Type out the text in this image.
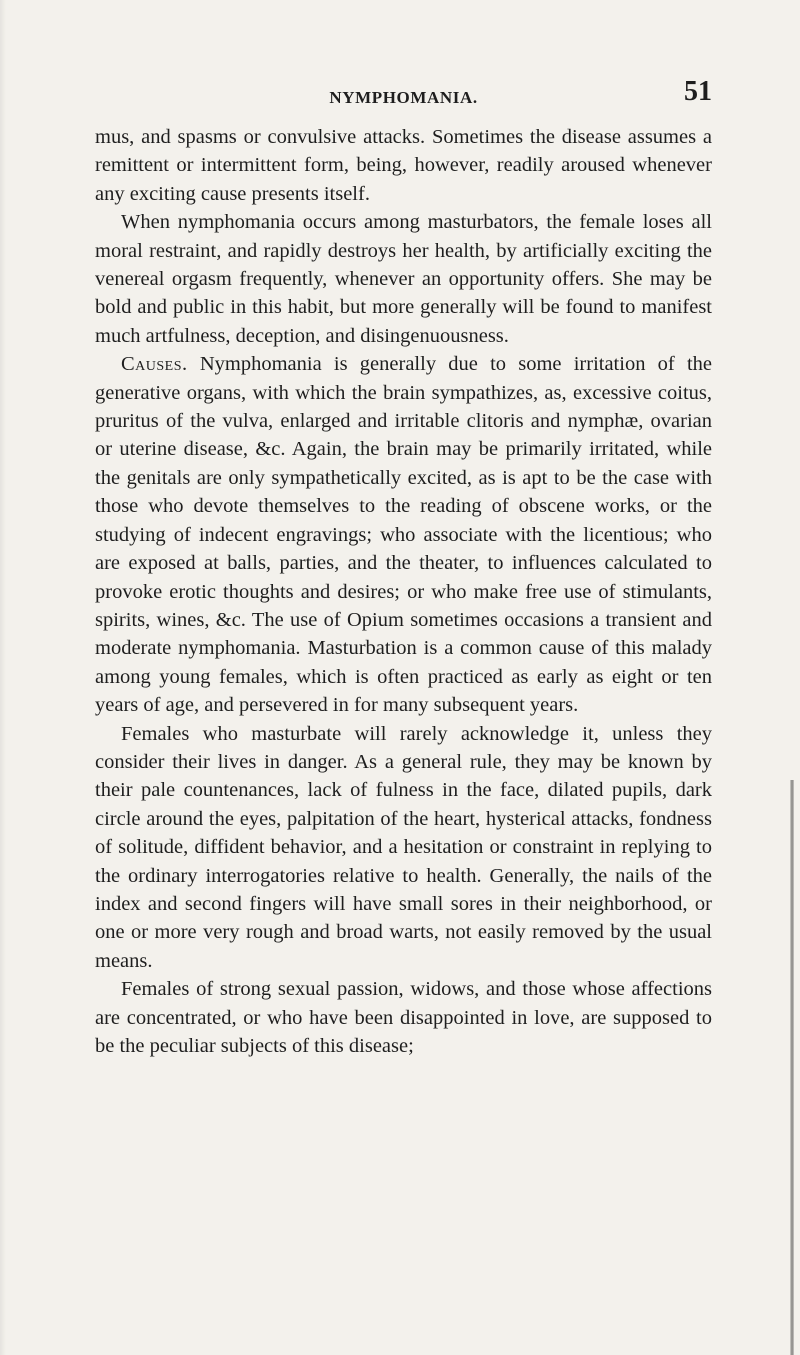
NYMPHOMANIA.	51

mus, and spasms or convulsive attacks. Sometimes the disease assumes a remittent or intermittent form, being, however, readily aroused whenever any exciting cause presents itself.

When nymphomania occurs among masturbators, the female loses all moral restraint, and rapidly destroys her health, by artificially exciting the venereal orgasm frequently, whenever an opportunity offers. She may be bold and public in this habit, but more generally will be found to manifest much artfulness, deception, and disingenuousness.

Causes. Nymphomania is generally due to some irritation of the generative organs, with which the brain sympathizes, as, excessive coitus, pruritus of the vulva, enlarged and irritable clitoris and nymphæ, ovarian or uterine disease, &c. Again, the brain may be primarily irritated, while the genitals are only sympathetically excited, as is apt to be the case with those who devote themselves to the reading of obscene works, or the studying of indecent engravings; who associate with the licentious; who are exposed at balls, parties, and the theater, to influences calculated to provoke erotic thoughts and desires; or who make free use of stimulants, spirits, wines, &c. The use of Opium sometimes occasions a transient and moderate nymphomania. Masturbation is a common cause of this malady among young females, which is often practiced as early as eight or ten years of age, and persevered in for many subsequent years.

Females who masturbate will rarely acknowledge it, unless they consider their lives in danger. As a general rule, they may be known by their pale countenances, lack of fulness in the face, dilated pupils, dark circle around the eyes, palpitation of the heart, hysterical attacks, fondness of solitude, diffident behavior, and a hesitation or constraint in replying to the ordinary interrogatories relative to health. Generally, the nails of the index and second fingers will have small sores in their neighborhood, or one or more very rough and broad warts, not easily removed by the usual means.

Females of strong sexual passion, widows, and those whose affections are concentrated, or who have been disappointed in love, are supposed to be the peculiar subjects of this disease;
